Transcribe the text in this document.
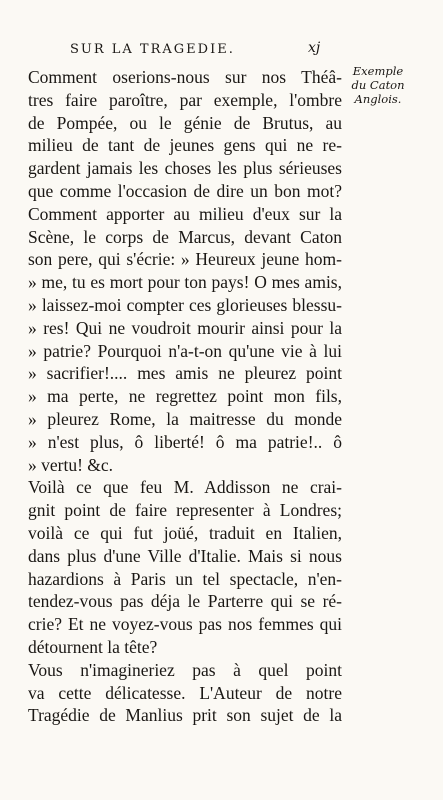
SUR LA TRAGEDIE.	xj
Exemple
du Caton
Anglois.
Comment oserions-nous sur nos Théâ-
tres faire paroître, par exemple, l'ombre
de Pompée, ou le génie de Brutus, au
milieu de tant de jeunes gens qui ne re-
gardent jamais les choses les plus sérieuses
que comme l'occasion de dire un bon mot?
Comment apporter au milieu d'eux sur la
Scène, le corps de Marcus, devant Caton
son pere, qui s'écrie: » Heureux jeune hom-
» me, tu es mort pour ton pays! O mes amis,
» laissez-moi compter ces glorieuses blessu-
» res! Qui ne voudroit mourir ainsi pour la
» patrie? Pourquoi n'a-t-on qu'une vie à lui
» sacrifier!.... mes amis ne pleurez point
» ma perte, ne regrettez point mon fils,
» pleurez Rome, la maitresse du monde
» n'est plus, ô liberté! ô ma patrie!.. ô
» vertu! &c.
Voilà ce que feu M. Addisson ne crai-
gnit point de faire representer à Londres;
voilà ce qui fut joüé, traduit en Italien,
dans plus d'une Ville d'Italie. Mais si nous
hazardions à Paris un tel spectacle, n'en-
tendez-vous pas déja le Parterre qui se ré-
crie? Et ne voyez-vous pas nos femmes qui
détournent la tête?
Vous n'imagineriez pas à quel point
va cette délicatesse. L'Auteur de notre
Tragédie de Manlius prit son sujet de la
